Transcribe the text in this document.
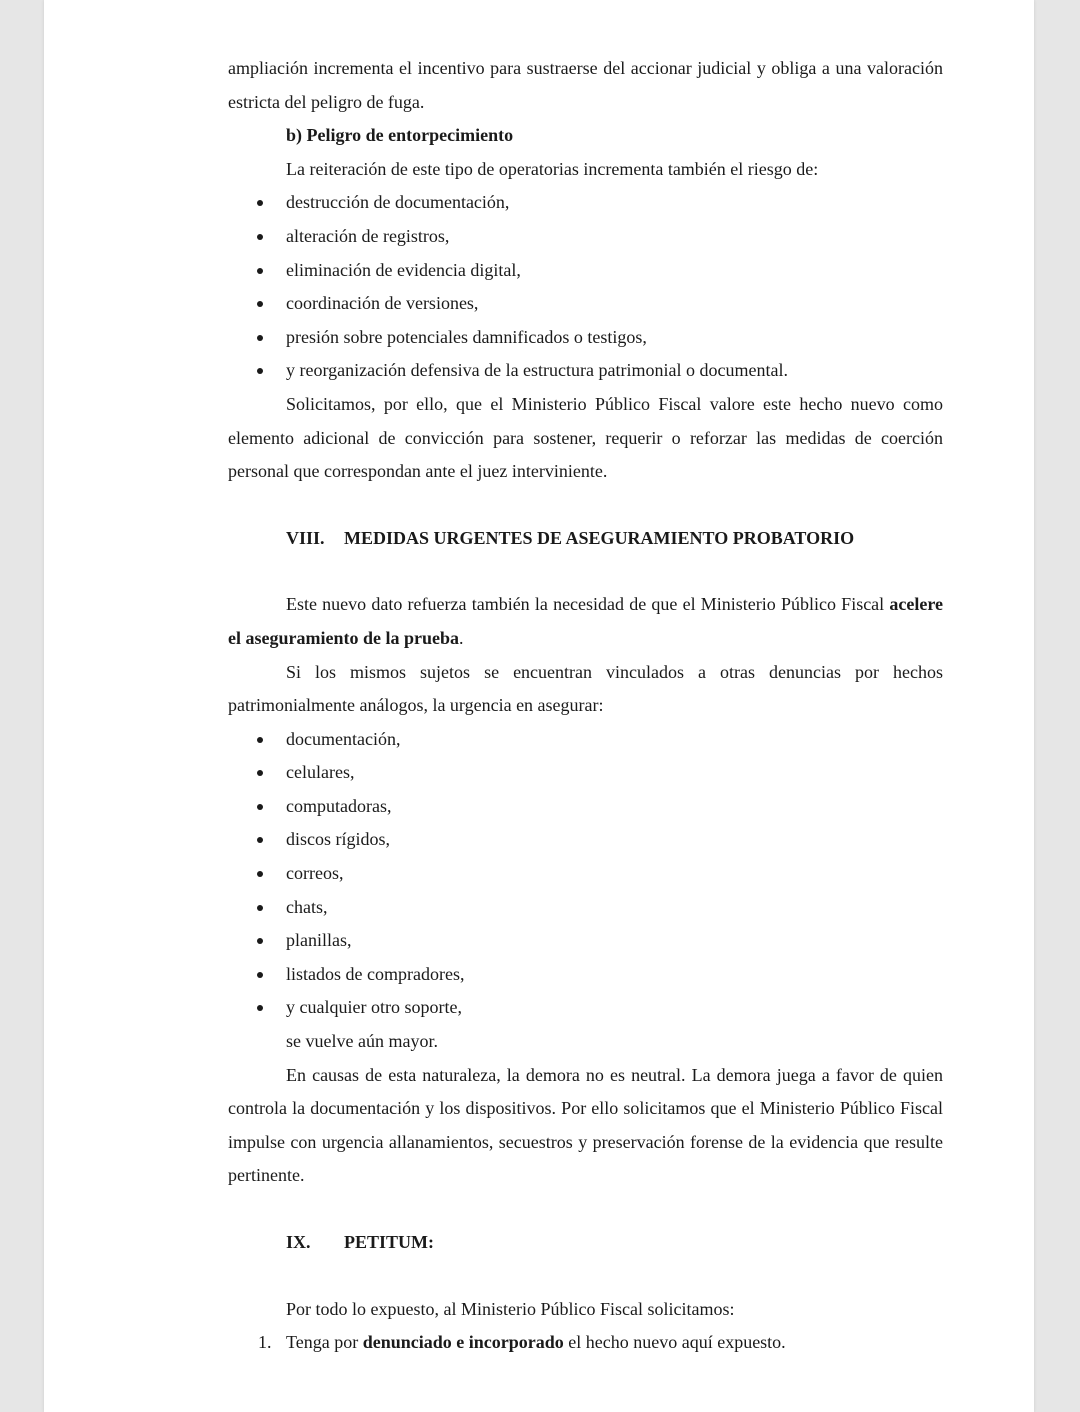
ampliación incrementa el incentivo para sustraerse del accionar judicial y obliga a una valoración estricta del peligro de fuga.

b) Peligro de entorpecimiento

La reiteración de este tipo de operatorias incrementa también el riesgo de:

destrucción de documentación,
alteración de registros,
eliminación de evidencia digital,
coordinación de versiones,
presión sobre potenciales damnificados o testigos,
y reorganización defensiva de la estructura patrimonial o documental.

Solicitamos, por ello, que el Ministerio Público Fiscal valore este hecho nuevo como elemento adicional de convicción para sostener, requerir o reforzar las medidas de coerción personal que correspondan ante el juez interviniente.

VIII. MEDIDAS URGENTES DE ASEGURAMIENTO PROBATORIO

Este nuevo dato refuerza también la necesidad de que el Ministerio Público Fiscal acelere el aseguramiento de la prueba.

Si los mismos sujetos se encuentran vinculados a otras denuncias por hechos patrimonialmente análogos, la urgencia en asegurar:

documentación,
celulares,
computadoras,
discos rígidos,
correos,
chats,
planillas,
listados de compradores,
y cualquier otro soporte,

se vuelve aún mayor.

En causas de esta naturaleza, la demora no es neutral. La demora juega a favor de quien controla la documentación y los dispositivos. Por ello solicitamos que el Ministerio Público Fiscal impulse con urgencia allanamientos, secuestros y preservación forense de la evidencia que resulte pertinente.

IX. PETITUM:

Por todo lo expuesto, al Ministerio Público Fiscal solicitamos:

1. Tenga por denunciado e incorporado el hecho nuevo aquí expuesto.
